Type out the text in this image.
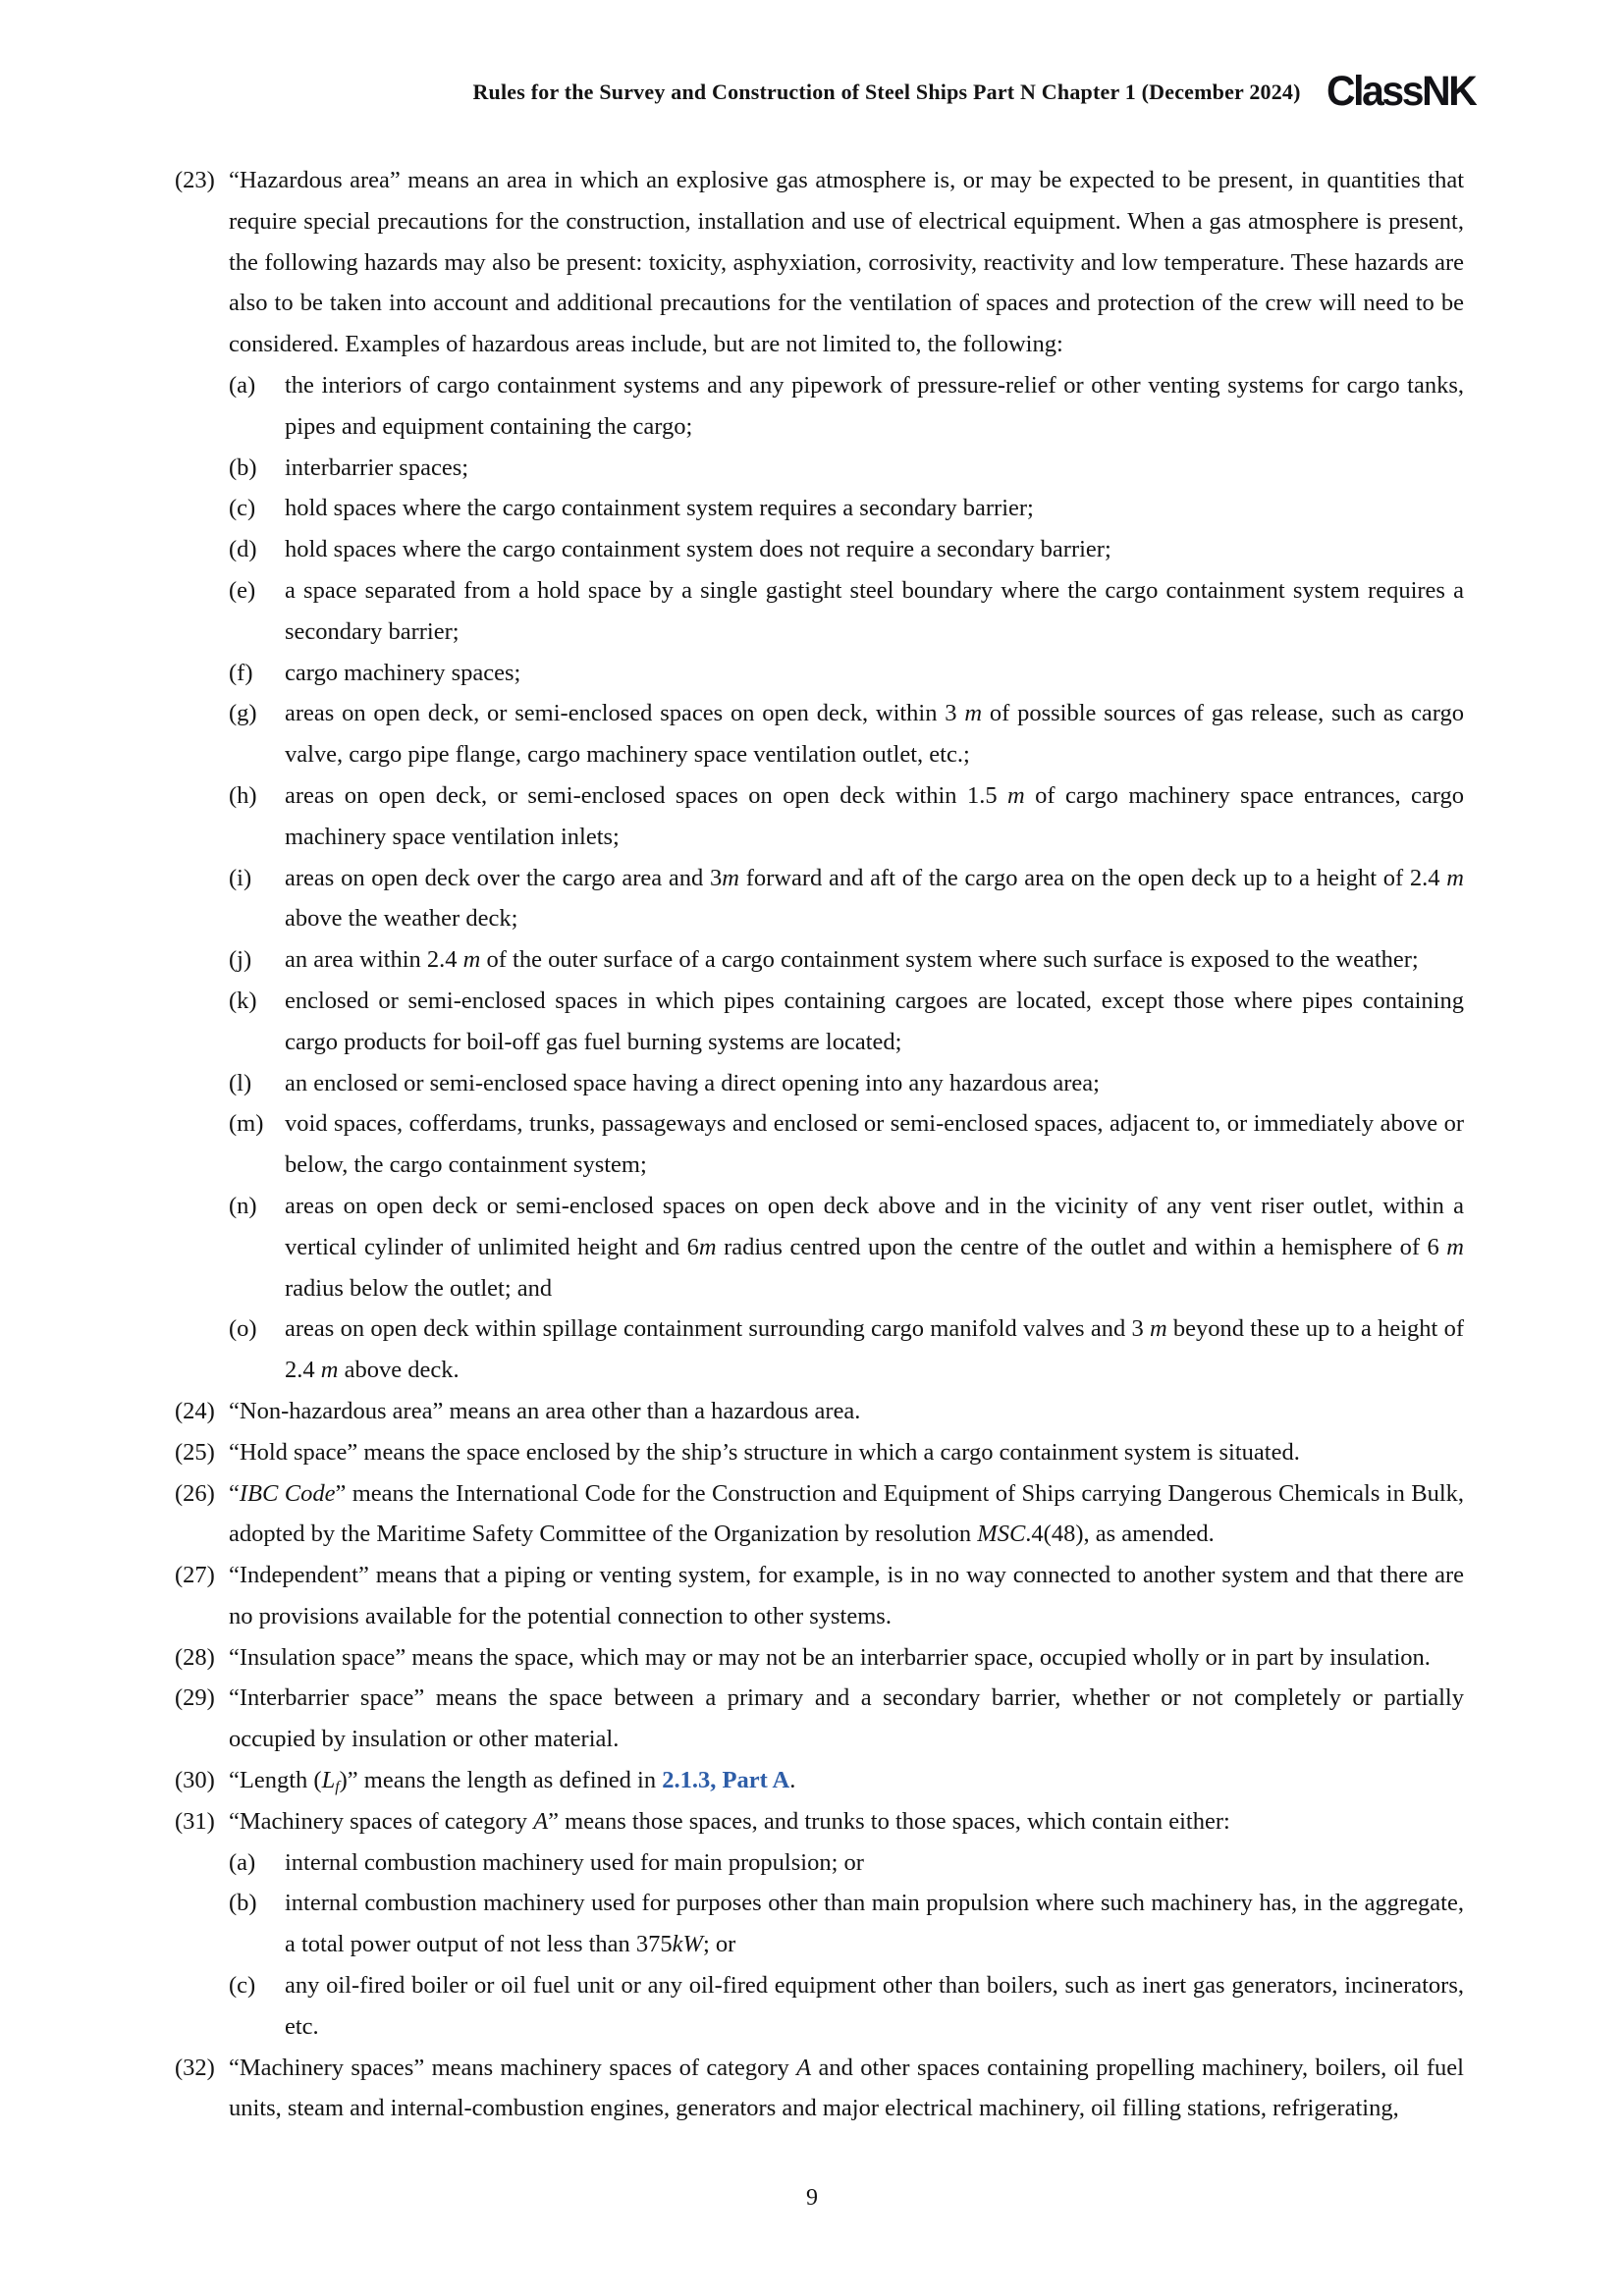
Rules for the Survey and Construction of Steel Ships Part N Chapter 1 (December 2024) ClassNK
(23) “Hazardous area” means an area in which an explosive gas atmosphere is, or may be expected to be present, in quantities that require special precautions for the construction, installation and use of electrical equipment. When a gas atmosphere is present, the following hazards may also be present: toxicity, asphyxiation, corrosivity, reactivity and low temperature. These hazards are also to be taken into account and additional precautions for the ventilation of spaces and protection of the crew will need to be considered. Examples of hazardous areas include, but are not limited to, the following:
(a) the interiors of cargo containment systems and any pipework of pressure-relief or other venting systems for cargo tanks, pipes and equipment containing the cargo;
(b) interbarrier spaces;
(c) hold spaces where the cargo containment system requires a secondary barrier;
(d) hold spaces where the cargo containment system does not require a secondary barrier;
(e) a space separated from a hold space by a single gastight steel boundary where the cargo containment system requires a secondary barrier;
(f) cargo machinery spaces;
(g) areas on open deck, or semi-enclosed spaces on open deck, within 3 m of possible sources of gas release, such as cargo valve, cargo pipe flange, cargo machinery space ventilation outlet, etc.;
(h) areas on open deck, or semi-enclosed spaces on open deck within 1.5 m of cargo machinery space entrances, cargo machinery space ventilation inlets;
(i) areas on open deck over the cargo area and 3m forward and aft of the cargo area on the open deck up to a height of 2.4 m above the weather deck;
(j) an area within 2.4 m of the outer surface of a cargo containment system where such surface is exposed to the weather;
(k) enclosed or semi-enclosed spaces in which pipes containing cargoes are located, except those where pipes containing cargo products for boil-off gas fuel burning systems are located;
(l) an enclosed or semi-enclosed space having a direct opening into any hazardous area;
(m) void spaces, cofferdams, trunks, passageways and enclosed or semi-enclosed spaces, adjacent to, or immediately above or below, the cargo containment system;
(n) areas on open deck or semi-enclosed spaces on open deck above and in the vicinity of any vent riser outlet, within a vertical cylinder of unlimited height and 6m radius centred upon the centre of the outlet and within a hemisphere of 6 m radius below the outlet; and
(o) areas on open deck within spillage containment surrounding cargo manifold valves and 3 m beyond these up to a height of 2.4 m above deck.
(24) “Non-hazardous area” means an area other than a hazardous area.
(25) “Hold space” means the space enclosed by the ship’s structure in which a cargo containment system is situated.
(26) “IBC Code” means the International Code for the Construction and Equipment of Ships carrying Dangerous Chemicals in Bulk, adopted by the Maritime Safety Committee of the Organization by resolution MSC.4(48), as amended.
(27) “Independent” means that a piping or venting system, for example, is in no way connected to another system and that there are no provisions available for the potential connection to other systems.
(28) “Insulation space” means the space, which may or may not be an interbarrier space, occupied wholly or in part by insulation.
(29) “Interbarrier space” means the space between a primary and a secondary barrier, whether or not completely or partially occupied by insulation or other material.
(30) “Length $(L_f)$” means the length as defined in 2.1.3, Part A.
(31) “Machinery spaces of category A” means those spaces, and trunks to those spaces, which contain either:
(a) internal combustion machinery used for main propulsion; or
(b) internal combustion machinery used for purposes other than main propulsion where such machinery has, in the aggregate, a total power output of not less than 375kW; or
(c) any oil-fired boiler or oil fuel unit or any oil-fired equipment other than boilers, such as inert gas generators, incinerators, etc.
(32) “Machinery spaces” means machinery spaces of category A and other spaces containing propelling machinery, boilers, oil fuel units, steam and internal-combustion engines, generators and major electrical machinery, oil filling stations, refrigerating,
9
